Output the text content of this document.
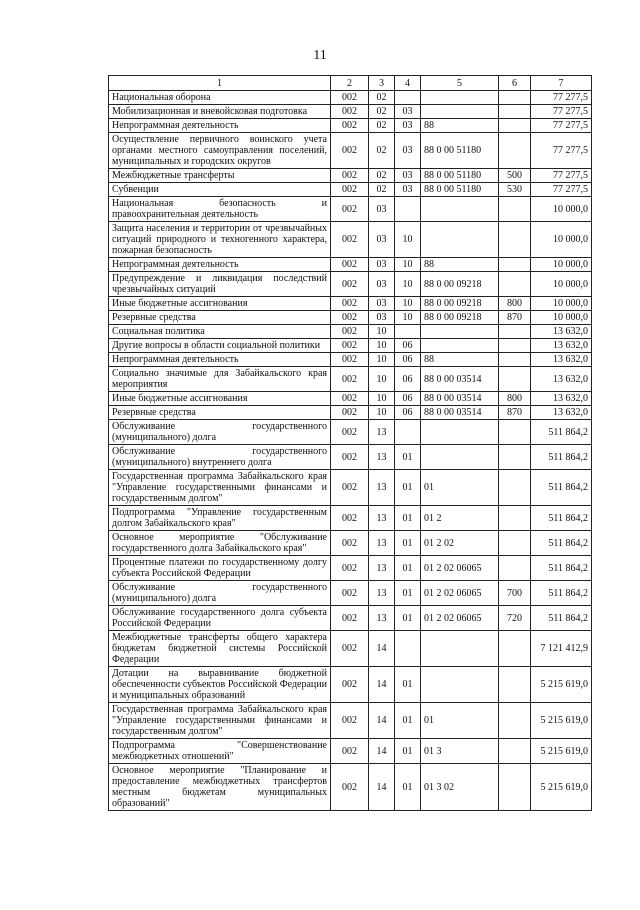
11
1	2	3	4	5	6	7
Национальная оборона	002	02				77 277,5
Мобилизационная и вневойсковая подготовка	002	02	03			77 277,5
Непрограммная деятельность	002	02	03	88		77 277,5
Осуществление первичного воинского учета органами местного самоуправления поселений, муниципальных и городских округов	002	02	03	88 0 00 51180		77 277,5
Межбюджетные трансферты	002	02	03	88 0 00 51180	500	77 277,5
Субвенции	002	02	03	88 0 00 51180	530	77 277,5
Национальная безопасность и правоохранительная деятельность	002	03				10 000,0
Защита населения и территории от чрезвычайных ситуаций природного и техногенного характера, пожарная безопасность	002	03	10			10 000,0
Непрограммная деятельность	002	03	10	88		10 000,0
Предупреждение и ликвидация последствий чрезвычайных ситуаций	002	03	10	88 0 00 09218		10 000,0
Иные бюджетные ассигнования	002	03	10	88 0 00 09218	800	10 000,0
Резервные средства	002	03	10	88 0 00 09218	870	10 000,0
Социальная политика	002	10				13 632,0
Другие вопросы в области социальной политики	002	10	06			13 632,0
Непрограммная деятельность	002	10	06	88		13 632,0
Социально значимые для Забайкальского края мероприятия	002	10	06	88 0 00 03514		13 632,0
Иные бюджетные ассигнования	002	10	06	88 0 00 03514	800	13 632,0
Резервные средства	002	10	06	88 0 00 03514	870	13 632,0
Обслуживание государственного (муниципального) долга	002	13				511 864,2
Обслуживание государственного (муниципального) внутреннего долга	002	13	01			511 864,2
Государственная программа Забайкальского края "Управление государственными финансами и государственным долгом"	002	13	01	01		511 864,2
Подпрограмма "Управление государственным долгом Забайкальского края"	002	13	01	01 2		511 864,2
Основное мероприятие "Обслуживание государственного долга Забайкальского края"	002	13	01	01 2 02		511 864,2
Процентные платежи по государственному долгу субъекта Российской Федерации	002	13	01	01 2 02 06065		511 864,2
Обслуживание государственного (муниципального) долга	002	13	01	01 2 02 06065	700	511 864,2
Обслуживание государственного долга субъекта Российской Федерации	002	13	01	01 2 02 06065	720	511 864,2
Межбюджетные трансферты общего характера бюджетам бюджетной системы Российской Федерации	002	14				7 121 412,9
Дотации на выравнивание бюджетной обеспеченности субъектов Российской Федерации и муниципальных образований	002	14	01			5 215 619,0
Государственная программа Забайкальского края "Управление государственными финансами и государственным долгом"	002	14	01	01		5 215 619,0
Подпрограмма "Совершенствование межбюджетных отношений"	002	14	01	01 3		5 215 619,0
Основное мероприятие "Планирование и предоставление межбюджетных трансфертов местным бюджетам муниципальных образований"	002	14	01	01 3 02		5 215 619,0
